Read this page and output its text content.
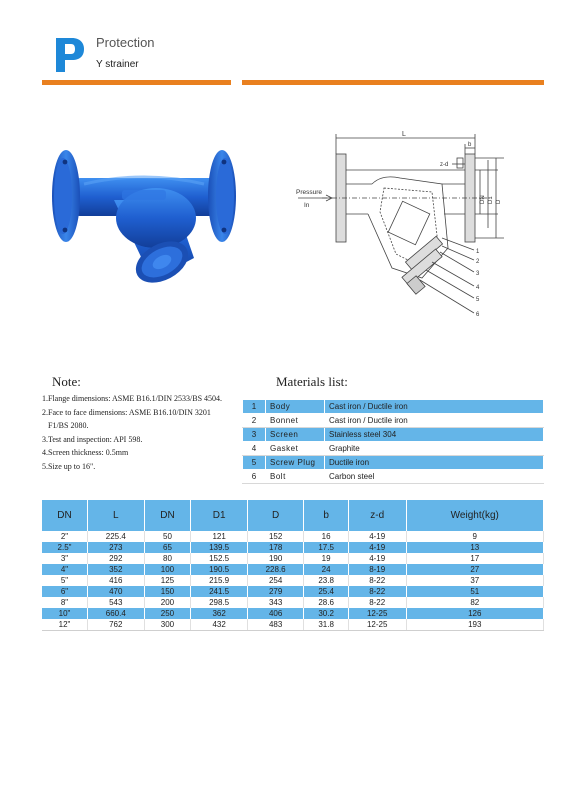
Protection
Y strainer
L
b
z-d
Pressure
In
DN D1 D
1
2
3
4
5
6
Note:
1.Flange dimensions: ASME B16.1/DIN 2533/BS 4504.
2.Face to face dimensions: ASME B16.10/DIN 3201
F1/BS 2080.
3.Test and inspection: API 598.
4.Screen thickness: 0.5mm
5.Size up to 16".
Materials list:
1	Body	Cast iron / Ductile iron
2	Bonnet	Cast iron / Ductile iron
3	Screen	Stainless steel 304
4	Gasket	Graphite
5	Screw Plug	Ductile iron
6	Bolt	Carbon steel
DN	L	DN	D1	D	b	z-d	Weight(kg)
2"	225.4	50	121	152	16	4-19	9
2.5"	273	65	139.5	178	17.5	4-19	13
3"	292	80	152.5	190	19	4-19	17
4"	352	100	190.5	228.6	24	8-19	27
5"	416	125	215.9	254	23.8	8-22	37
6"	470	150	241.5	279	25.4	8-22	51
8"	543	200	298.5	343	28.6	8-22	82
10"	660.4	250	362	406	30.2	12-25	126
12"	762	300	432	483	31.8	12-25	193
